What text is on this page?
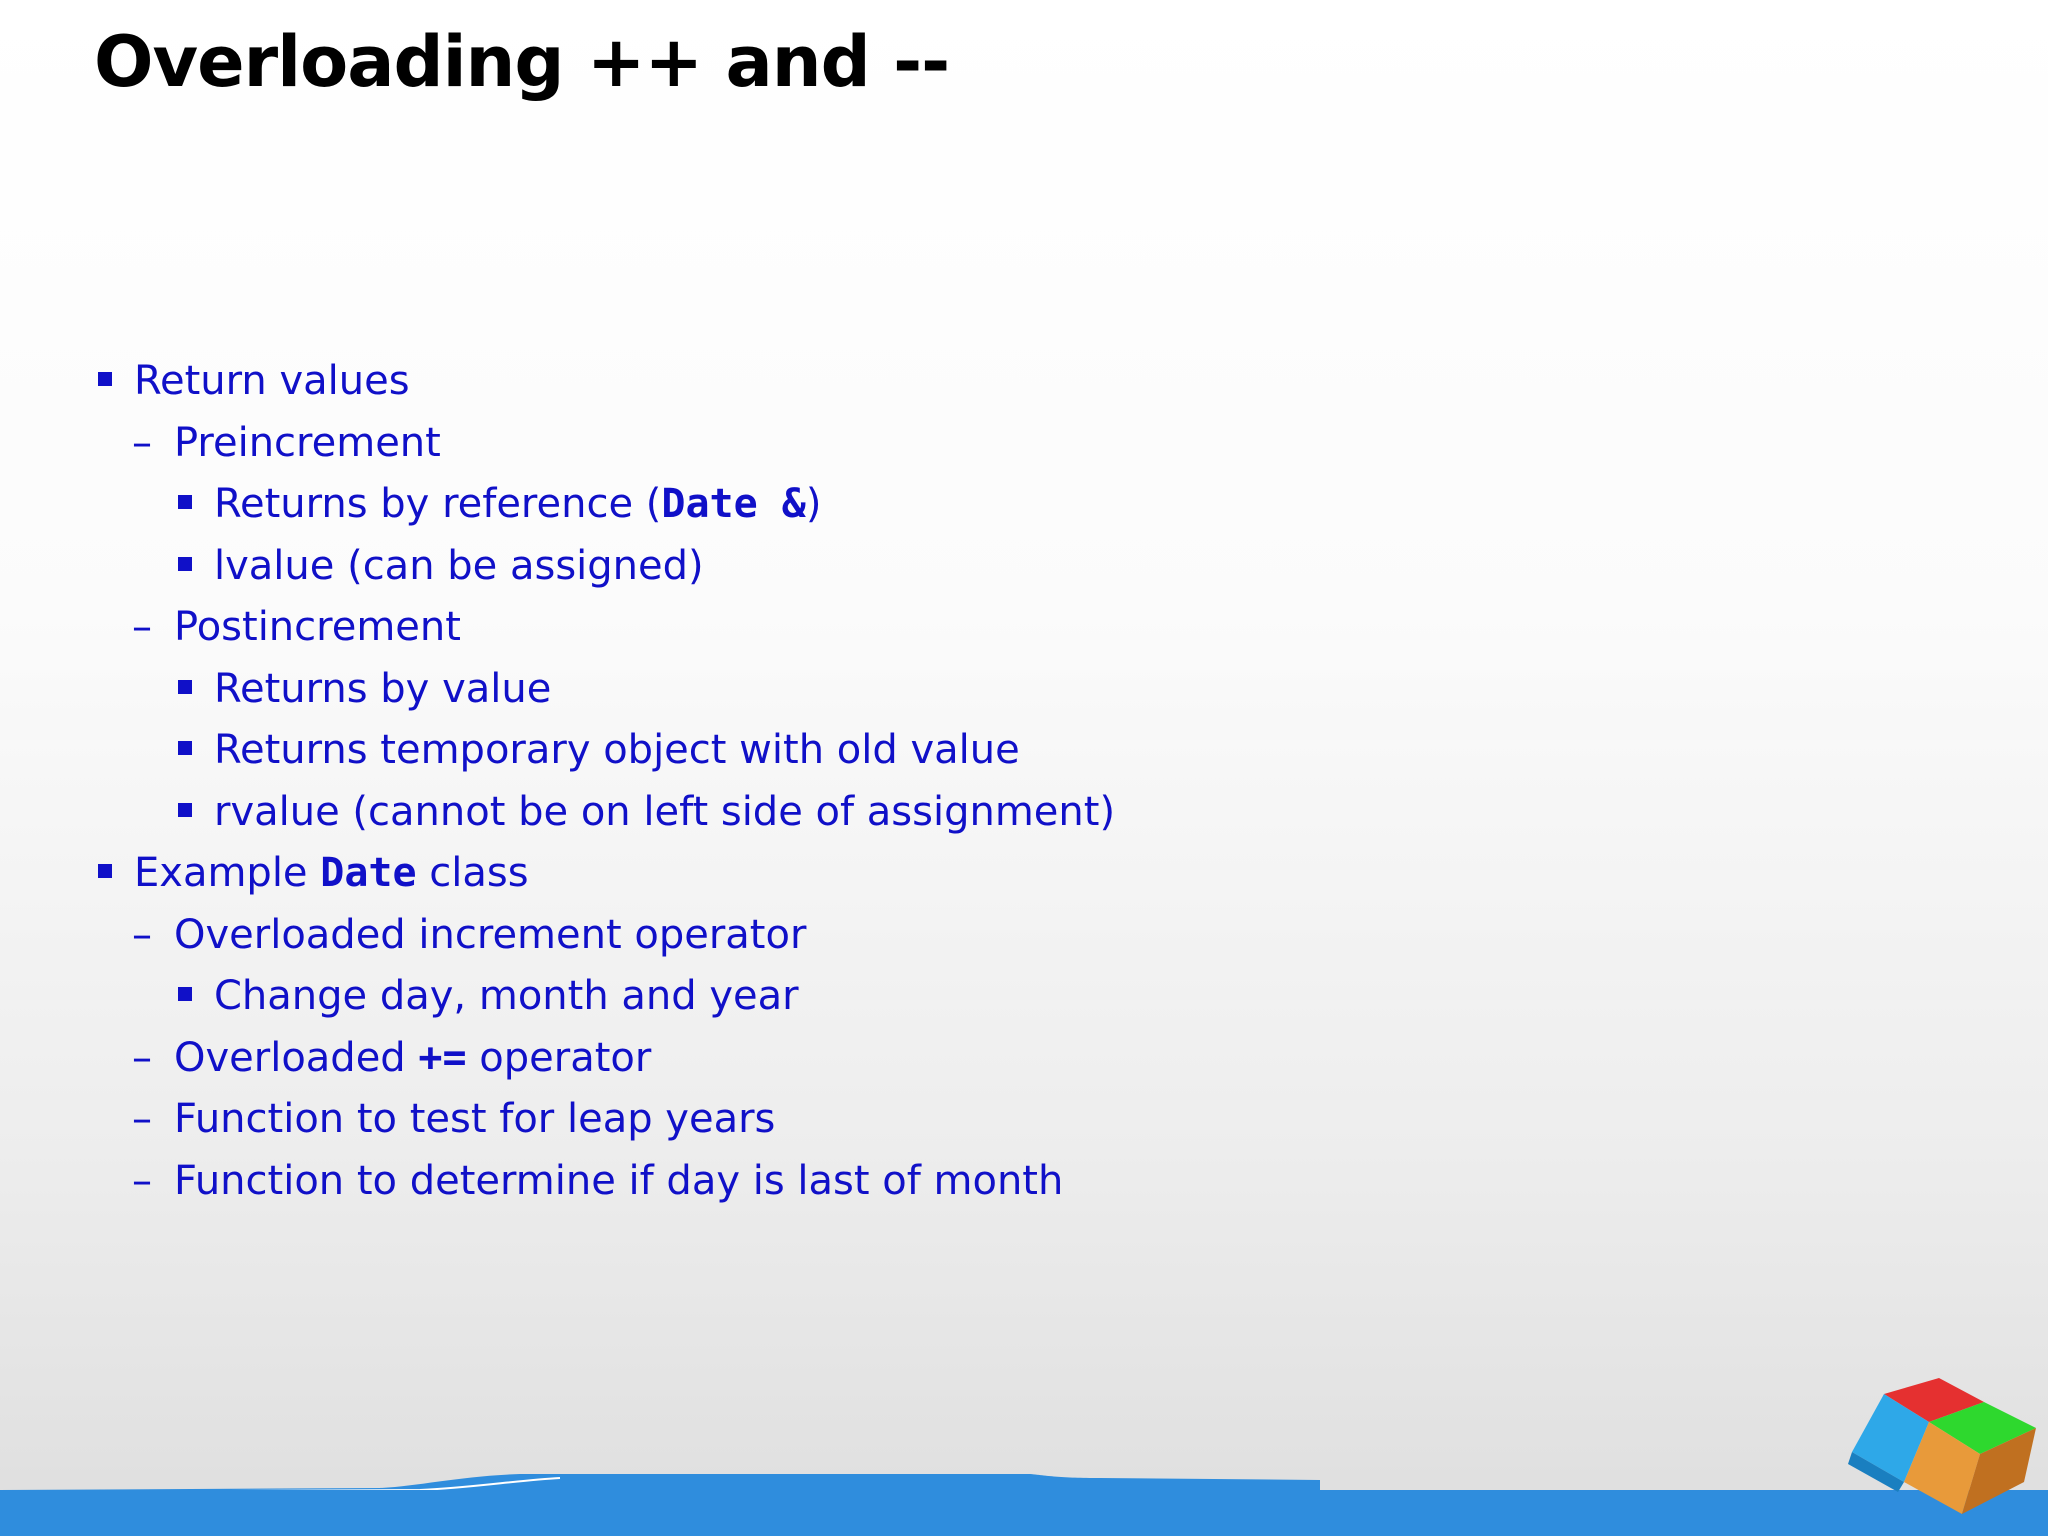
Overloading ++ and --
Return values
– Preincrement
Returns by reference (Date &)
lvalue (can be assigned)
– Postincrement
Returns by value
Returns temporary object with old value
rvalue (cannot be on left side of assignment)
Example Date class
– Overloaded increment operator
Change day, month and year
– Overloaded += operator
– Function to test for leap years
– Function to determine if day is last of month
